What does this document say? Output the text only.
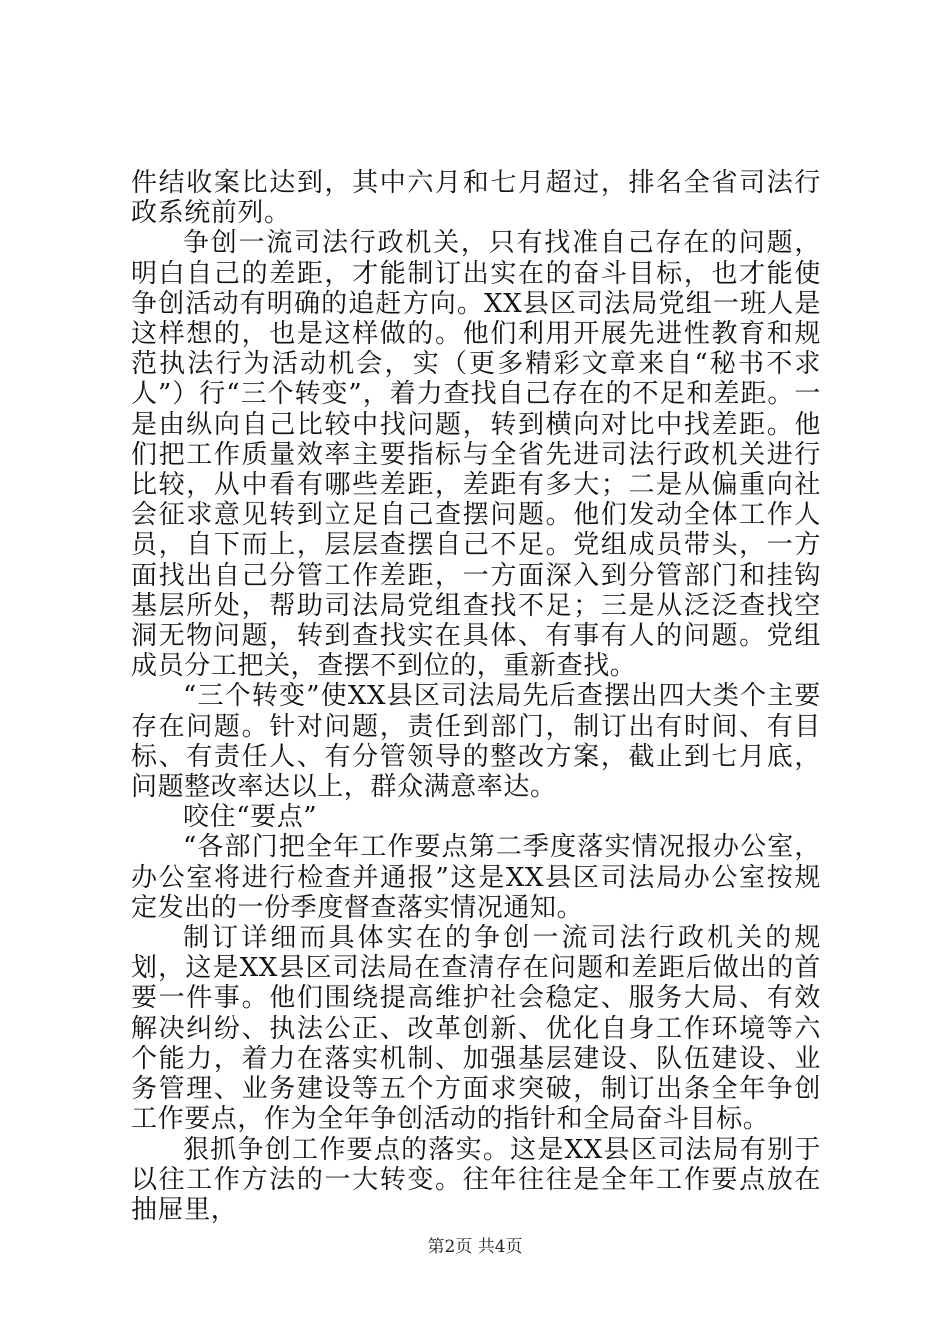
件结收案比达到，其中六月和七月超过，排名全省司法行政系统前列。

争创一流司法行政机关，只有找准自己存在的问题，明白自己的差距，才能制订出实在的奋斗目标，也才能使争创活动有明确的追赶方向。XX县区司法局党组一班人是这样想的，也是这样做的。他们利用开展先进性教育和规范执法行为活动机会，实（更多精彩文章来自“秘书不求人”）行“三个转变”，着力查找自己存在的不足和差距。一是由纵向自己比较中找问题，转到横向对比中找差距。他们把工作质量效率主要指标与全省先进司法行政机关进行比较，从中看有哪些差距，差距有多大；二是从偏重向社会征求意见转到立足自己查摆问题。他们发动全体工作人员，自下而上，层层查摆自己不足。党组成员带头，一方面找出自己分管工作差距，一方面深入到分管部门和挂钩基层所处，帮助司法局党组查找不足；三是从泛泛查找空洞无物问题，转到查找实在具体、有事有人的问题。党组成员分工把关，查摆不到位的，重新查找。

“三个转变”使XX县区司法局先后查摆出四大类个主要存在问题。针对问题，责任到部门，制订出有时间、有目标、有责任人、有分管领导的整改方案，截止到七月底，问题整改率达以上，群众满意率达。

咬住“要点”

“各部门把全年工作要点第二季度落实情况报办公室，办公室将进行检查并通报”这是XX县区司法局办公室按规定发出的一份季度督查落实情况通知。

制订详细而具体实在的争创一流司法行政机关的规划，这是XX县区司法局在查清存在问题和差距后做出的首要一件事。他们围绕提高维护社会稳定、服务大局、有效解决纠纷、执法公正、改革创新、优化自身工作环境等六个能力，着力在落实机制、加强基层建设、队伍建设、业务管理、业务建设等五个方面求突破，制订出条全年争创工作要点，作为全年争创活动的指针和全局奋斗目标。

狠抓争创工作要点的落实。这是XX县区司法局有别于以往工作方法的一大转变。往年往往是全年工作要点放在抽屉里，

第2页 共4页
